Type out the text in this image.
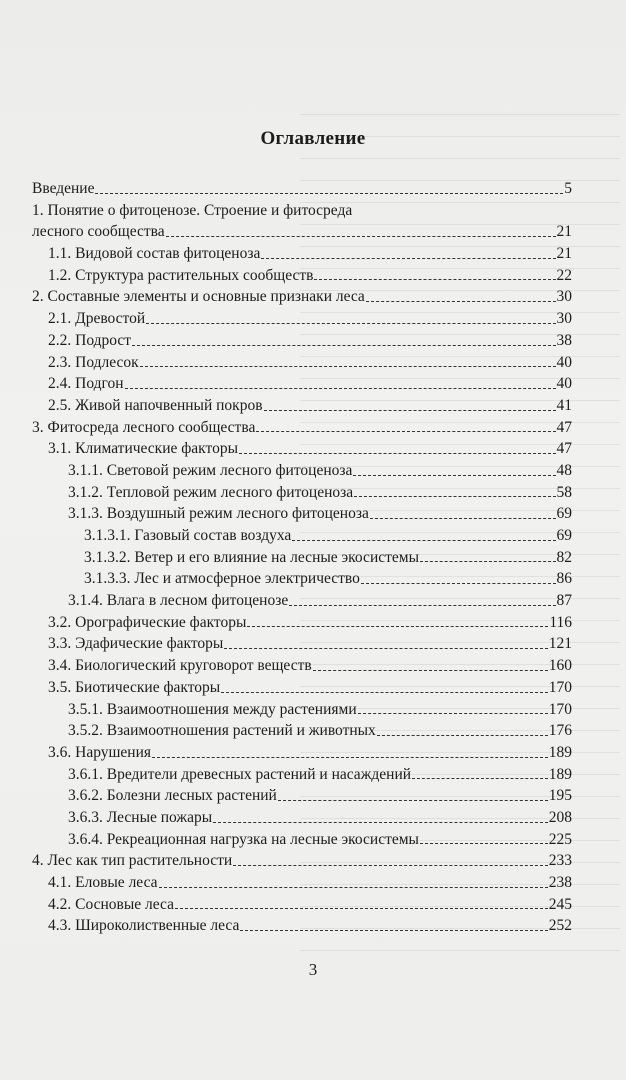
Оглавление
Введение	5
1. Понятие о фитоценозе. Строение и фитосреда
лесного сообщества	21
1.1. Видовой состав фитоценоза	21
1.2. Структура растительных сообществ	22
2. Составные элементы и основные признаки леса	30
2.1. Древостой	30
2.2. Подрост	38
2.3. Подлесок	40
2.4. Подгон	40
2.5. Живой напочвенный покров	41
3. Фитосреда лесного сообщества	47
3.1. Климатические факторы	47
3.1.1. Световой режим лесного фитоценоза	48
3.1.2. Тепловой режим лесного фитоценоза	58
3.1.3. Воздушный режим лесного фитоценоза	69
3.1.3.1. Газовый состав воздуха	69
3.1.3.2. Ветер и его влияние на лесные экосистемы	82
3.1.3.3. Лес и атмосферное электричество	86
3.1.4. Влага в лесном фитоценозе	87
3.2. Орографические факторы	116
3.3. Эдафические факторы	121
3.4. Биологический круговорот веществ	160
3.5. Биотические факторы	170
3.5.1. Взаимоотношения между растениями	170
3.5.2. Взаимоотношения растений и животных	176
3.6. Нарушения	189
3.6.1. Вредители древесных растений и насаждений	189
3.6.2. Болезни лесных растений	195
3.6.3. Лесные пожары	208
3.6.4. Рекреационная нагрузка на лесные экосистемы	225
4. Лес как тип растительности	233
4.1. Еловые леса	238
4.2. Сосновые леса	245
4.3. Широколиственные леса	252
3
